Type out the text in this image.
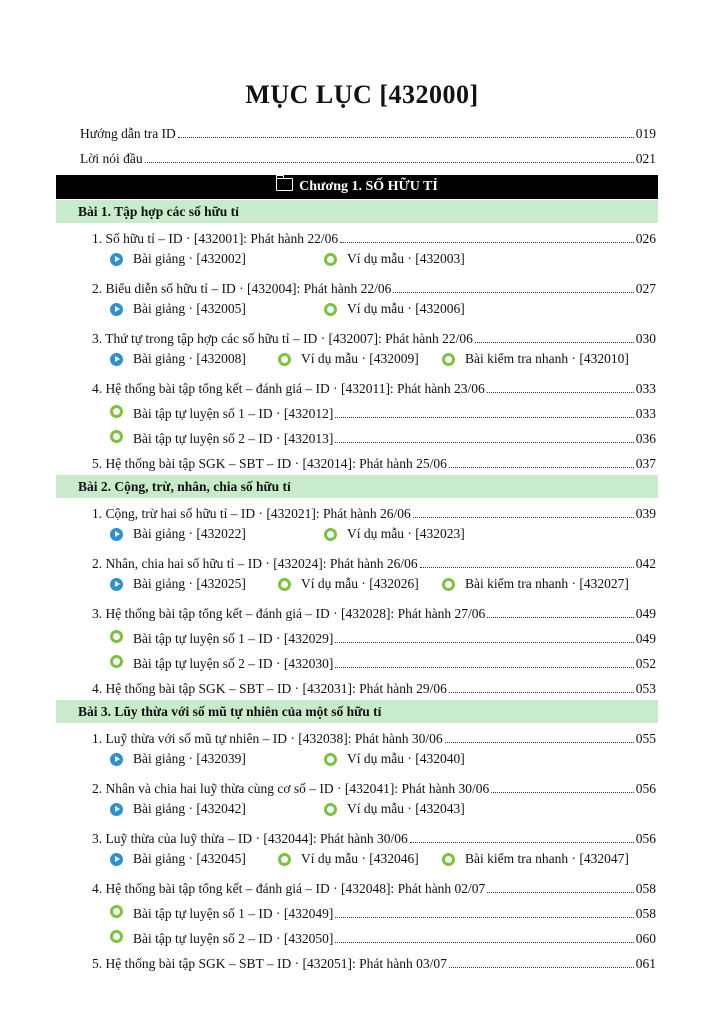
MỤC LỤC [432000]
Hướng dẫn tra ID	019
Lời nói đầu	021
Chương 1. SỐ HỮU TỈ
Bài 1. Tập hợp các số hữu tỉ
1. Số hữu tỉ – ID · [432001]: Phát hành 22/06	026
Bài giảng · [432002]	Ví dụ mẫu · [432003]
2. Biểu diễn số hữu tỉ – ID · [432004]: Phát hành 22/06	027
Bài giảng · [432005]	Ví dụ mẫu · [432006]
3. Thứ tự trong tập hợp các số hữu tỉ – ID · [432007]: Phát hành 22/06	030
Bài giảng · [432008]	Ví dụ mẫu · [432009]	Bài kiểm tra nhanh · [432010]
4. Hệ thống bài tập tổng kết – đánh giá – ID · [432011]: Phát hành 23/06	033
Bài tập tự luyện số 1 – ID · [432012]	033
Bài tập tự luyện số 2 – ID · [432013]	036
5. Hệ thống bài tập SGK – SBT – ID · [432014]: Phát hành 25/06	037
Bài 2. Cộng, trừ, nhân, chia số hữu tỉ
1. Cộng, trừ hai số hữu tỉ – ID · [432021]: Phát hành 26/06	039
Bài giảng · [432022]	Ví dụ mẫu · [432023]
2. Nhân, chia hai số hữu tỉ – ID · [432024]: Phát hành 26/06	042
Bài giảng · [432025]	Ví dụ mẫu · [432026]	Bài kiểm tra nhanh · [432027]
3. Hệ thống bài tập tổng kết – đánh giá – ID · [432028]: Phát hành 27/06	049
Bài tập tự luyện số 1 – ID · [432029]	049
Bài tập tự luyện số 2 – ID · [432030]	052
4. Hệ thống bài tập SGK – SBT – ID · [432031]: Phát hành 29/06	053
Bài 3. Lũy thừa với số mũ tự nhiên của một số hữu tỉ
1. Luỹ thừa với số mũ tự nhiên – ID · [432038]: Phát hành 30/06	055
Bài giảng · [432039]	Ví dụ mẫu · [432040]
2. Nhân và chia hai luỹ thừa cùng cơ số – ID · [432041]: Phát hành 30/06	056
Bài giảng · [432042]	Ví dụ mẫu · [432043]
3. Luỹ thừa của luỹ thừa – ID · [432044]: Phát hành 30/06	056
Bài giảng · [432045]	Ví dụ mẫu · [432046]	Bài kiểm tra nhanh · [432047]
4. Hệ thống bài tập tổng kết – đánh giá – ID · [432048]: Phát hành 02/07	058
Bài tập tự luyện số 1 – ID · [432049]	058
Bài tập tự luyện số 2 – ID · [432050]	060
5. Hệ thống bài tập SGK – SBT – ID · [432051]: Phát hành 03/07	061
